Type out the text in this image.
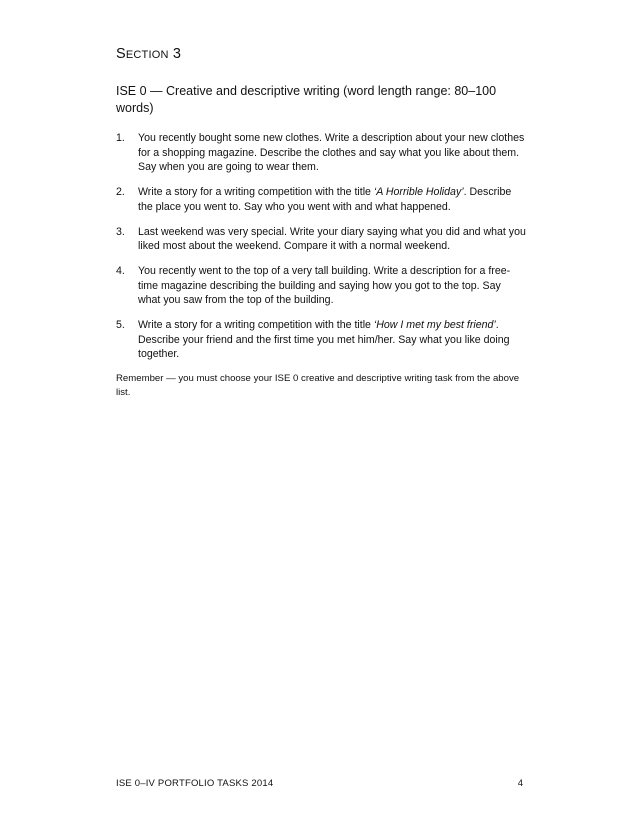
SECTION 3
ISE 0 — Creative and descriptive writing (word length range: 80–100 words)
1. You recently bought some new clothes. Write a description about your new clothes for a shopping magazine. Describe the clothes and say what you like about them. Say when you are going to wear them.
2. Write a story for a writing competition with the title ‘A Horrible Holiday’. Describe the place you went to. Say who you went with and what happened.
3. Last weekend was very special. Write your diary saying what you did and what you liked most about the weekend. Compare it with a normal weekend.
4. You recently went to the top of a very tall building. Write a description for a free-time magazine describing the building and saying how you got to the top. Say what you saw from the top of the building.
5. Write a story for a writing competition with the title ‘How I met my best friend’. Describe your friend and the first time you met him/her. Say what you like doing together.

Remember — you must choose your ISE 0 creative and descriptive writing task from the above list.

ISE 0–IV PORTFOLIO TASKS 2014	4
